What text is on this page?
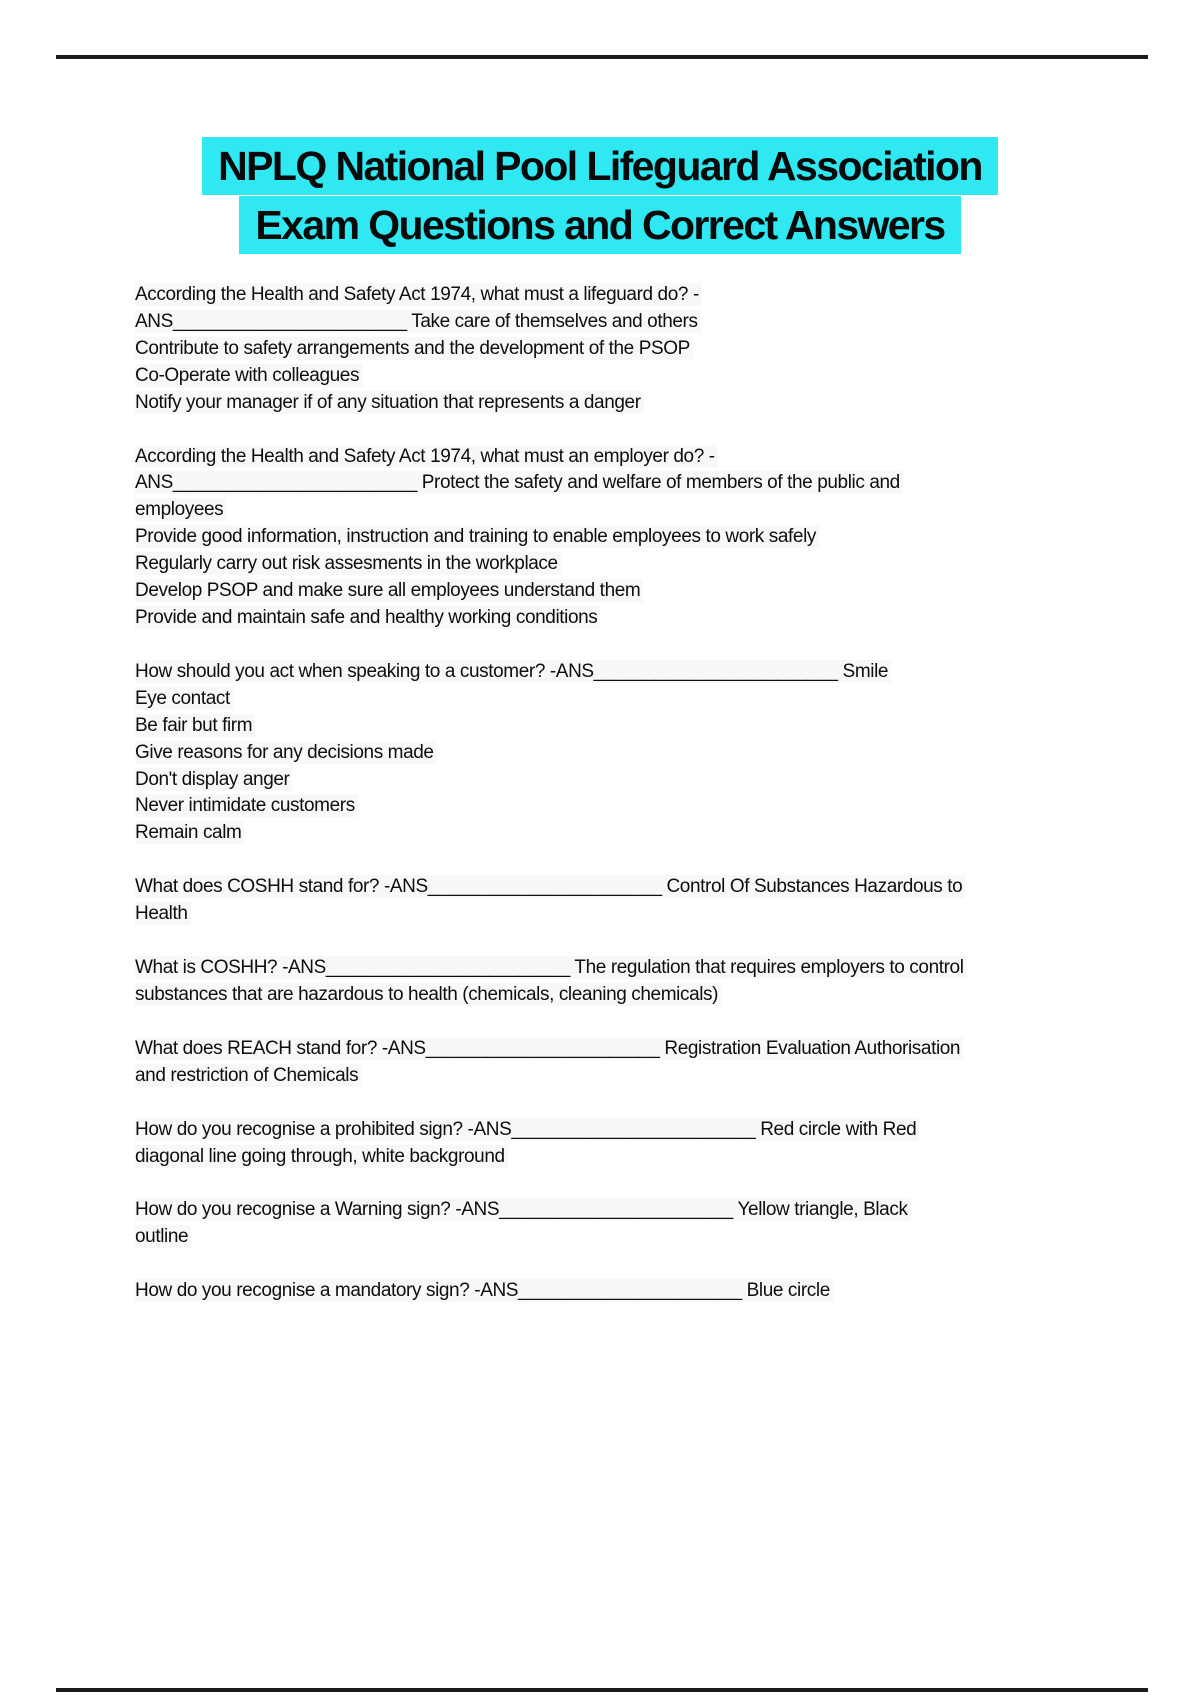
NPLQ National Pool Lifeguard Association
Exam Questions and Correct Answers
According the Health and Safety Act 1974, what must a lifeguard do? -
ANS_______________________ Take care of themselves and others
Contribute to safety arrangements and the development of the PSOP
Co-Operate with colleagues
Notify your manager if of any situation that represents a danger
According the Health and Safety Act 1974, what must an employer do? -
ANS________________________ Protect the safety and welfare of members of the public and
employees
Provide good information, instruction and training to enable employees to work safely
Regularly carry out risk assesments in the workplace
Develop PSOP and make sure all employees understand them
Provide and maintain safe and healthy working conditions
How should you act when speaking to a customer? -ANS________________________ Smile
Eye contact
Be fair but firm
Give reasons for any decisions made
Don't display anger
Never intimidate customers
Remain calm
What does COSHH stand for? -ANS_______________________ Control Of Substances Hazardous to
Health
What is COSHH? -ANS________________________ The regulation that requires employers to control
substances that are hazardous to health (chemicals, cleaning chemicals)
What does REACH stand for? -ANS_______________________ Registration Evaluation Authorisation
and restriction of Chemicals
How do you recognise a prohibited sign? -ANS________________________ Red circle with Red
diagonal line going through, white background
How do you recognise a Warning sign? -ANS_______________________ Yellow triangle, Black
outline
How do you recognise a mandatory sign? -ANS______________________ Blue circle
